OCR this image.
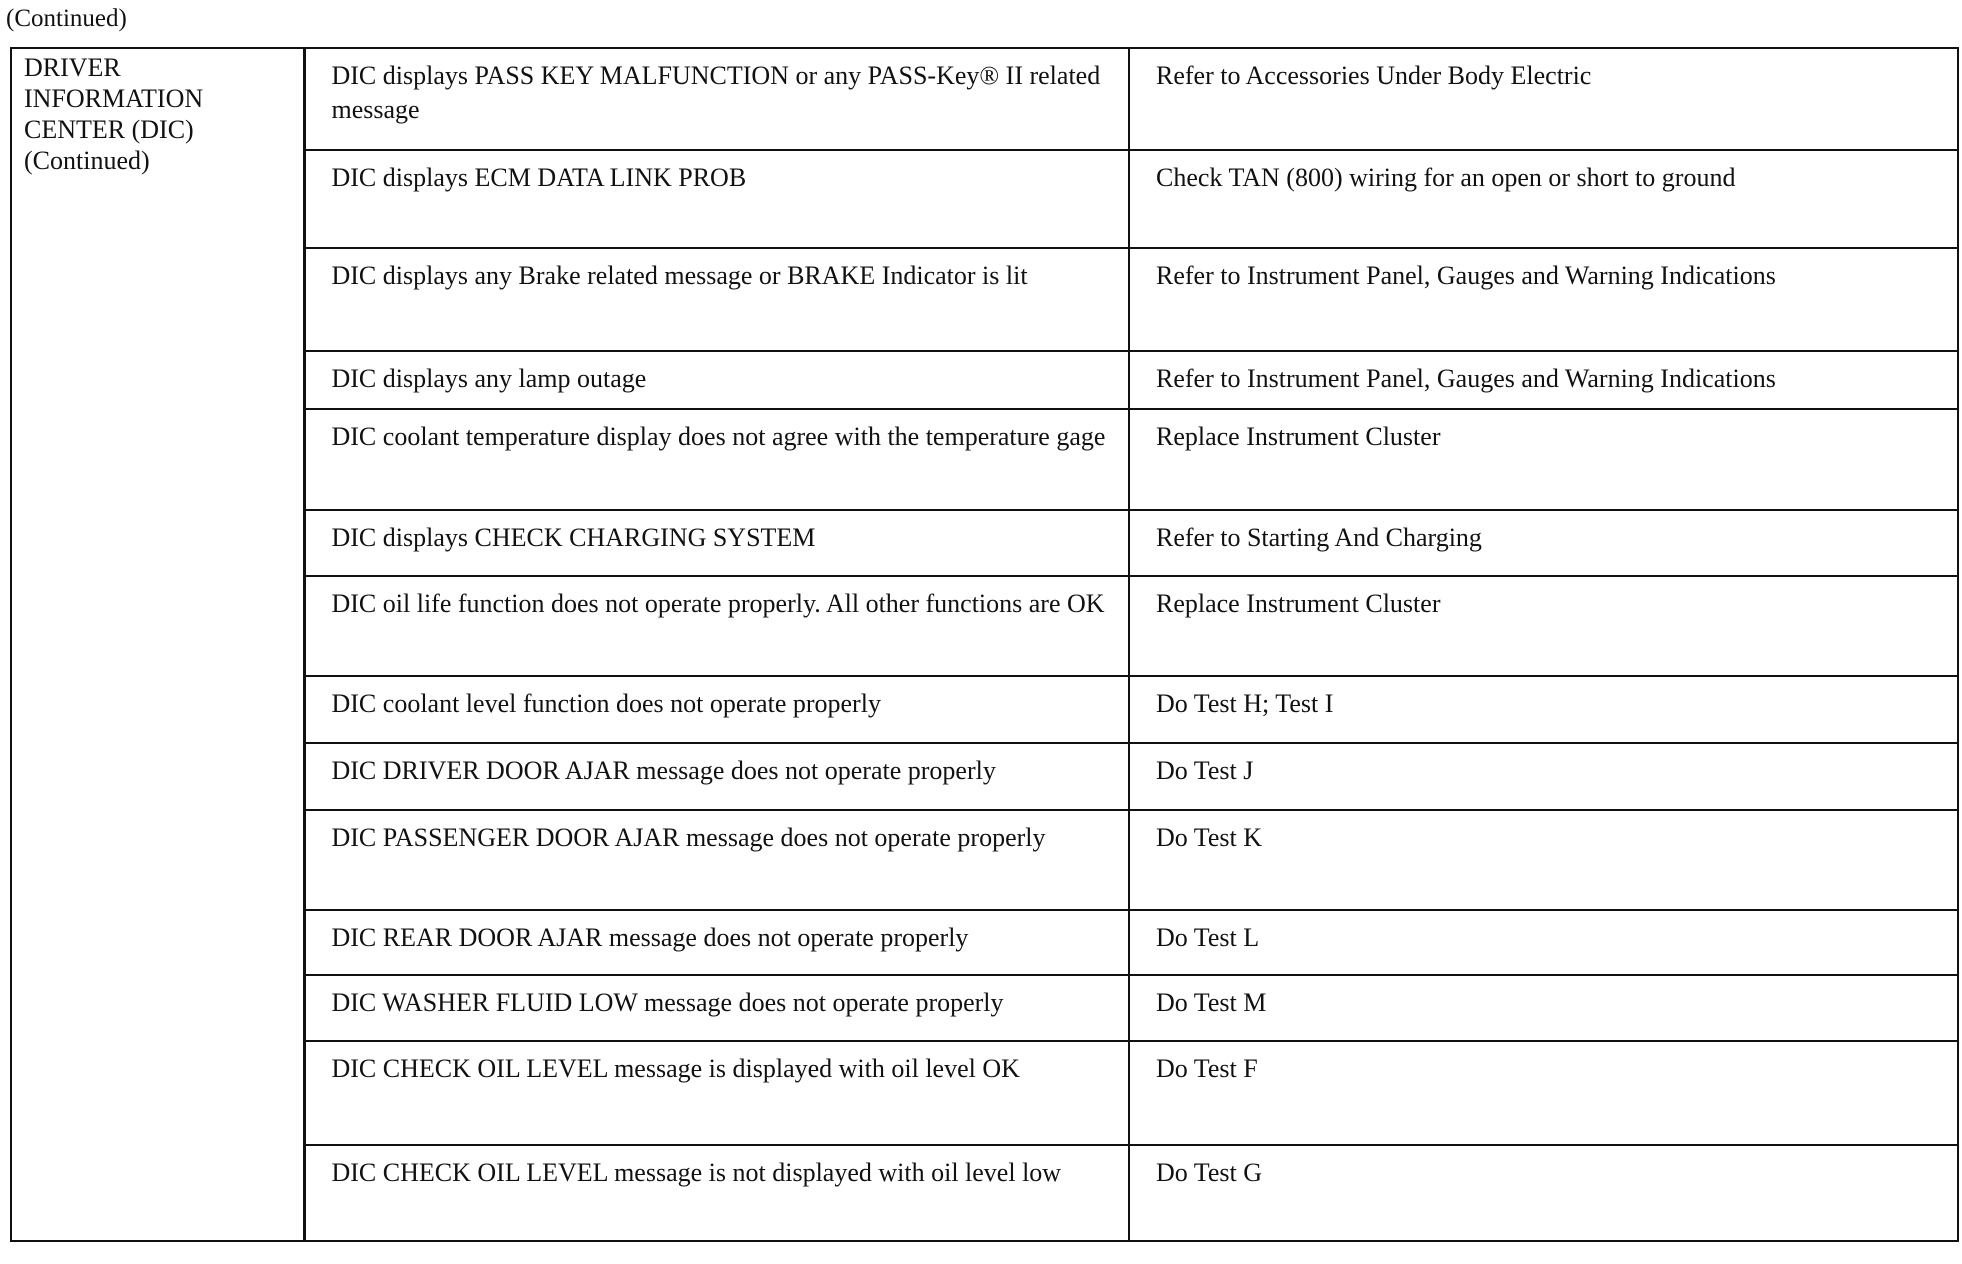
(Continued)
DRIVER
INFORMATION
CENTER (DIC)
(Continued)	DIC displays PASS KEY MALFUNCTION or any PASS-Key® II related message	Refer to Accessories Under Body Electric
	DIC displays ECM DATA LINK PROB	Check TAN (800) wiring for an open or short to ground
	DIC displays any Brake related message or BRAKE Indicator is lit	Refer to Instrument Panel, Gauges and Warning Indications
	DIC displays any lamp outage	Refer to Instrument Panel, Gauges and Warning Indications
	DIC coolant temperature display does not agree with the temperature gage	Replace Instrument Cluster
	DIC displays CHECK CHARGING SYSTEM	Refer to Starting And Charging
	DIC oil life function does not operate properly. All other functions are OK	Replace Instrument Cluster
	DIC coolant level function does not operate properly	Do Test H; Test I
	DIC DRIVER DOOR AJAR message does not operate properly	Do Test J
	DIC PASSENGER DOOR AJAR message does not operate properly	Do Test K
	DIC REAR DOOR AJAR message does not operate properly	Do Test L
	DIC WASHER FLUID LOW message does not operate properly	Do Test M
	DIC CHECK OIL LEVEL message is displayed with oil level OK	Do Test F
	DIC CHECK OIL LEVEL message is not displayed with oil level low	Do Test G
